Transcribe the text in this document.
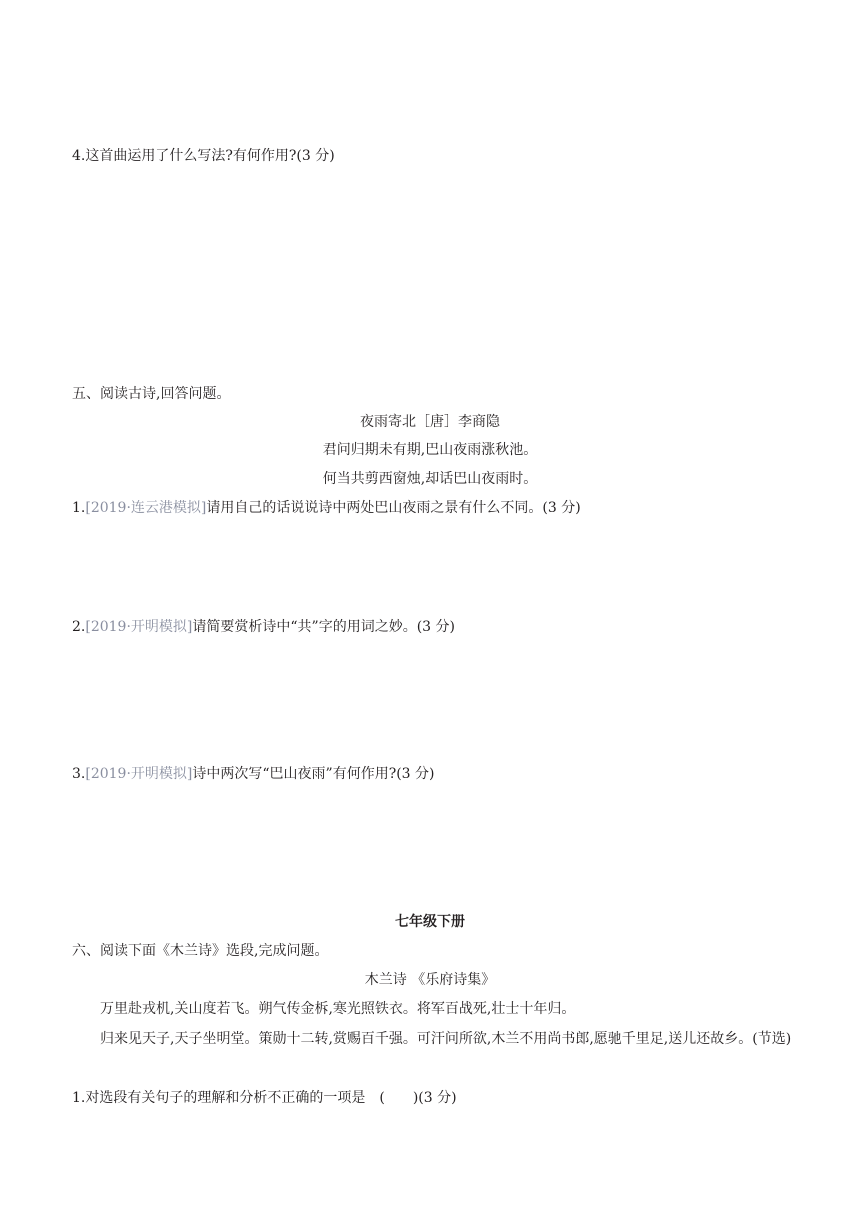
4.这首曲运用了什么写法?有何作用?(3 分)
五、阅读古诗,回答问题。
夜雨寄北［唐］李商隐
君问归期未有期,巴山夜雨涨秋池。
何当共剪西窗烛,却话巴山夜雨时。
1.[2019·连云港模拟]请用自己的话说说诗中两处巴山夜雨之景有什么不同。(3 分)
2.[2019·开明模拟]请简要赏析诗中“共”字的用词之妙。(3 分)
3.[2019·开明模拟]诗中两次写“巴山夜雨”有何作用?(3 分)
七年级下册
六、阅读下面《木兰诗》选段,完成问题。
木兰诗 《乐府诗集》
万里赴戎机,关山度若飞。朔气传金柝,寒光照铁衣。将军百战死,壮士十年归。
归来见天子,天子坐明堂。策勋十二转,赏赐百千强。可汗问所欲,木兰不用尚书郎,愿驰千里足,送儿还故乡。(节选)
1.对选段有关句子的理解和分析不正确的一项是　(　　)(3 分)
